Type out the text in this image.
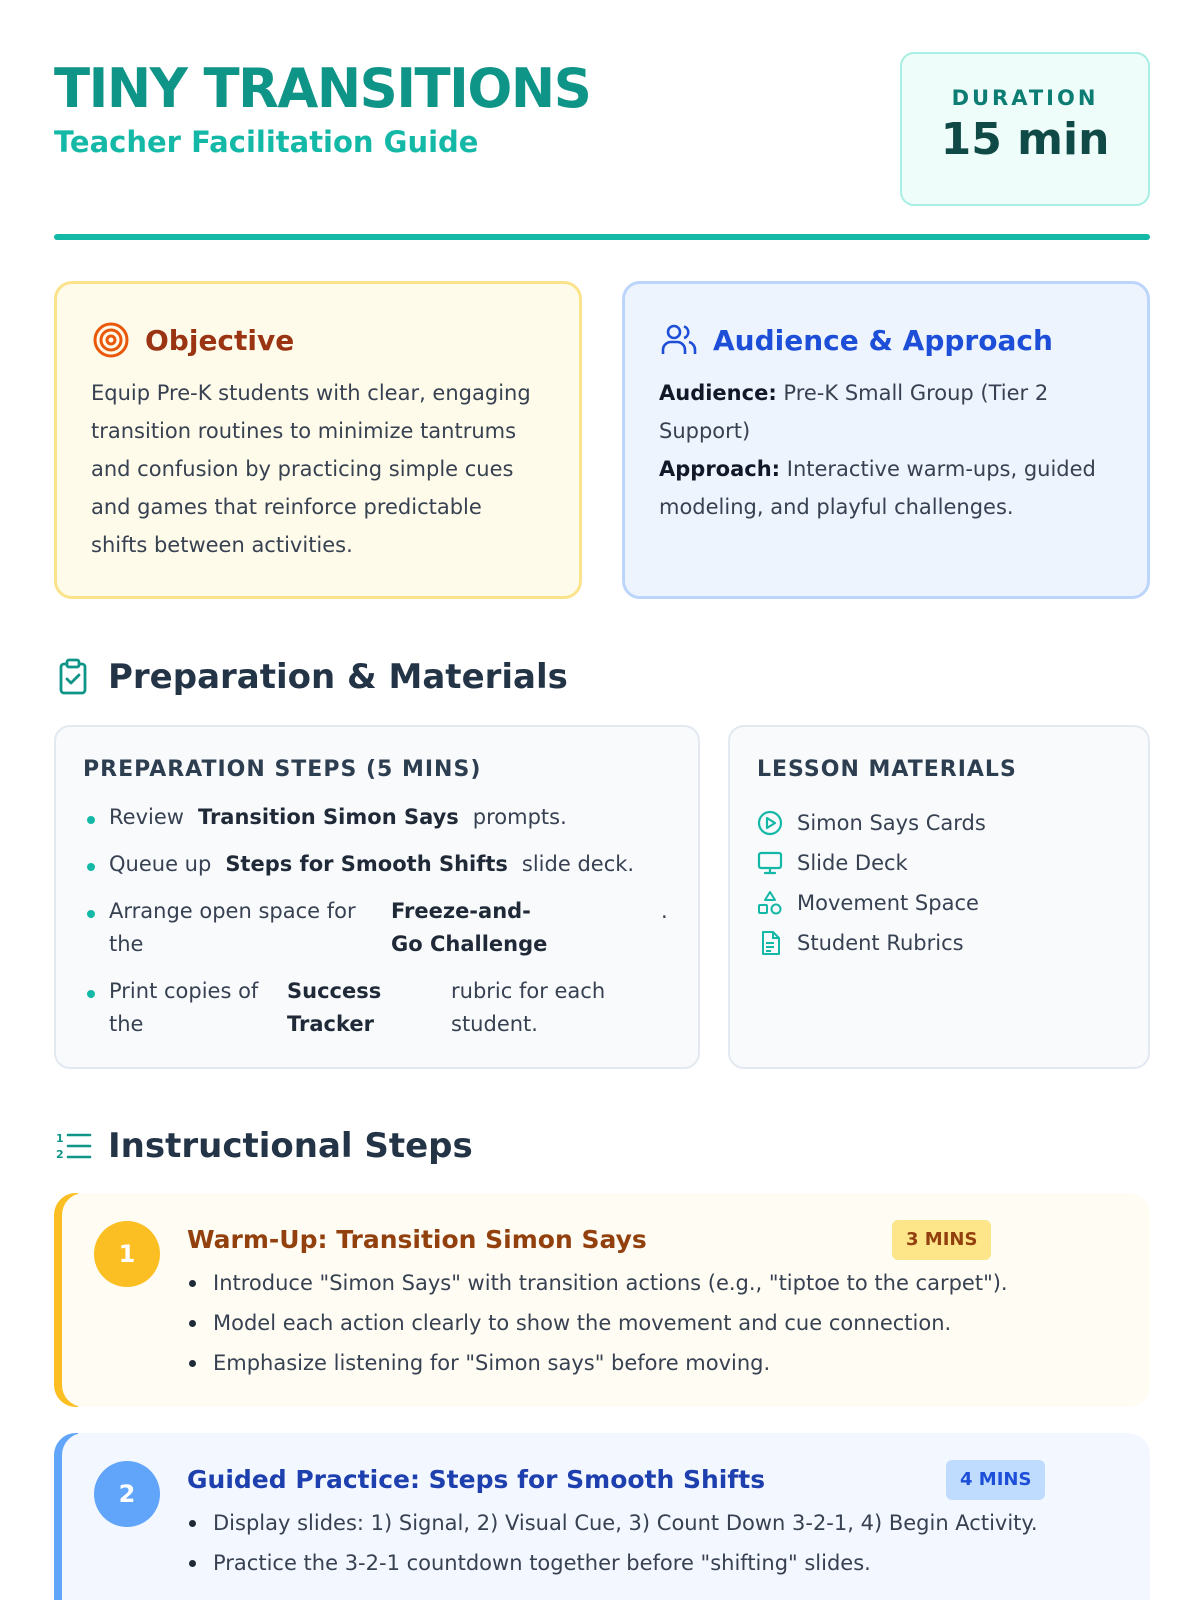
TINY TRANSITIONS
Teacher Facilitation Guide
DURATION
15 min
Objective
Equip Pre-K students with clear, engaging transition routines to minimize tantrums and confusion by practicing simple cues and games that reinforce predictable shifts between activities.
Audience & Approach
Audience: Pre-K Small Group (Tier 2 Support)
Approach: Interactive warm-ups, guided modeling, and playful challenges.
Preparation & Materials
PREPARATION STEPS (5 MINS)
Review Transition Simon Says prompts.
Queue up Steps for Smooth Shifts slide deck.
Arrange open space for the
Freeze-and-Go Challenge
.
Print copies of the
Success Tracker
rubric for each student.
LESSON MATERIALS
Simon Says Cards
Slide Deck
Movement Space
Student Rubrics
1
2 Instructional Steps
1	Warm-Up: Transition Simon Says	3 MINS
Introduce "Simon Says" with transition actions (e.g., "tiptoe to the carpet").
Model each action clearly to show the movement and cue connection.
Emphasize listening for "Simon says" before moving.
2	Guided Practice: Steps for Smooth Shifts	4 MINS
Display slides: 1) Signal, 2) Visual Cue, 3) Count Down 3-2-1, 4) Begin Activity.
Practice the 3-2-1 countdown together before "shifting" slides.
